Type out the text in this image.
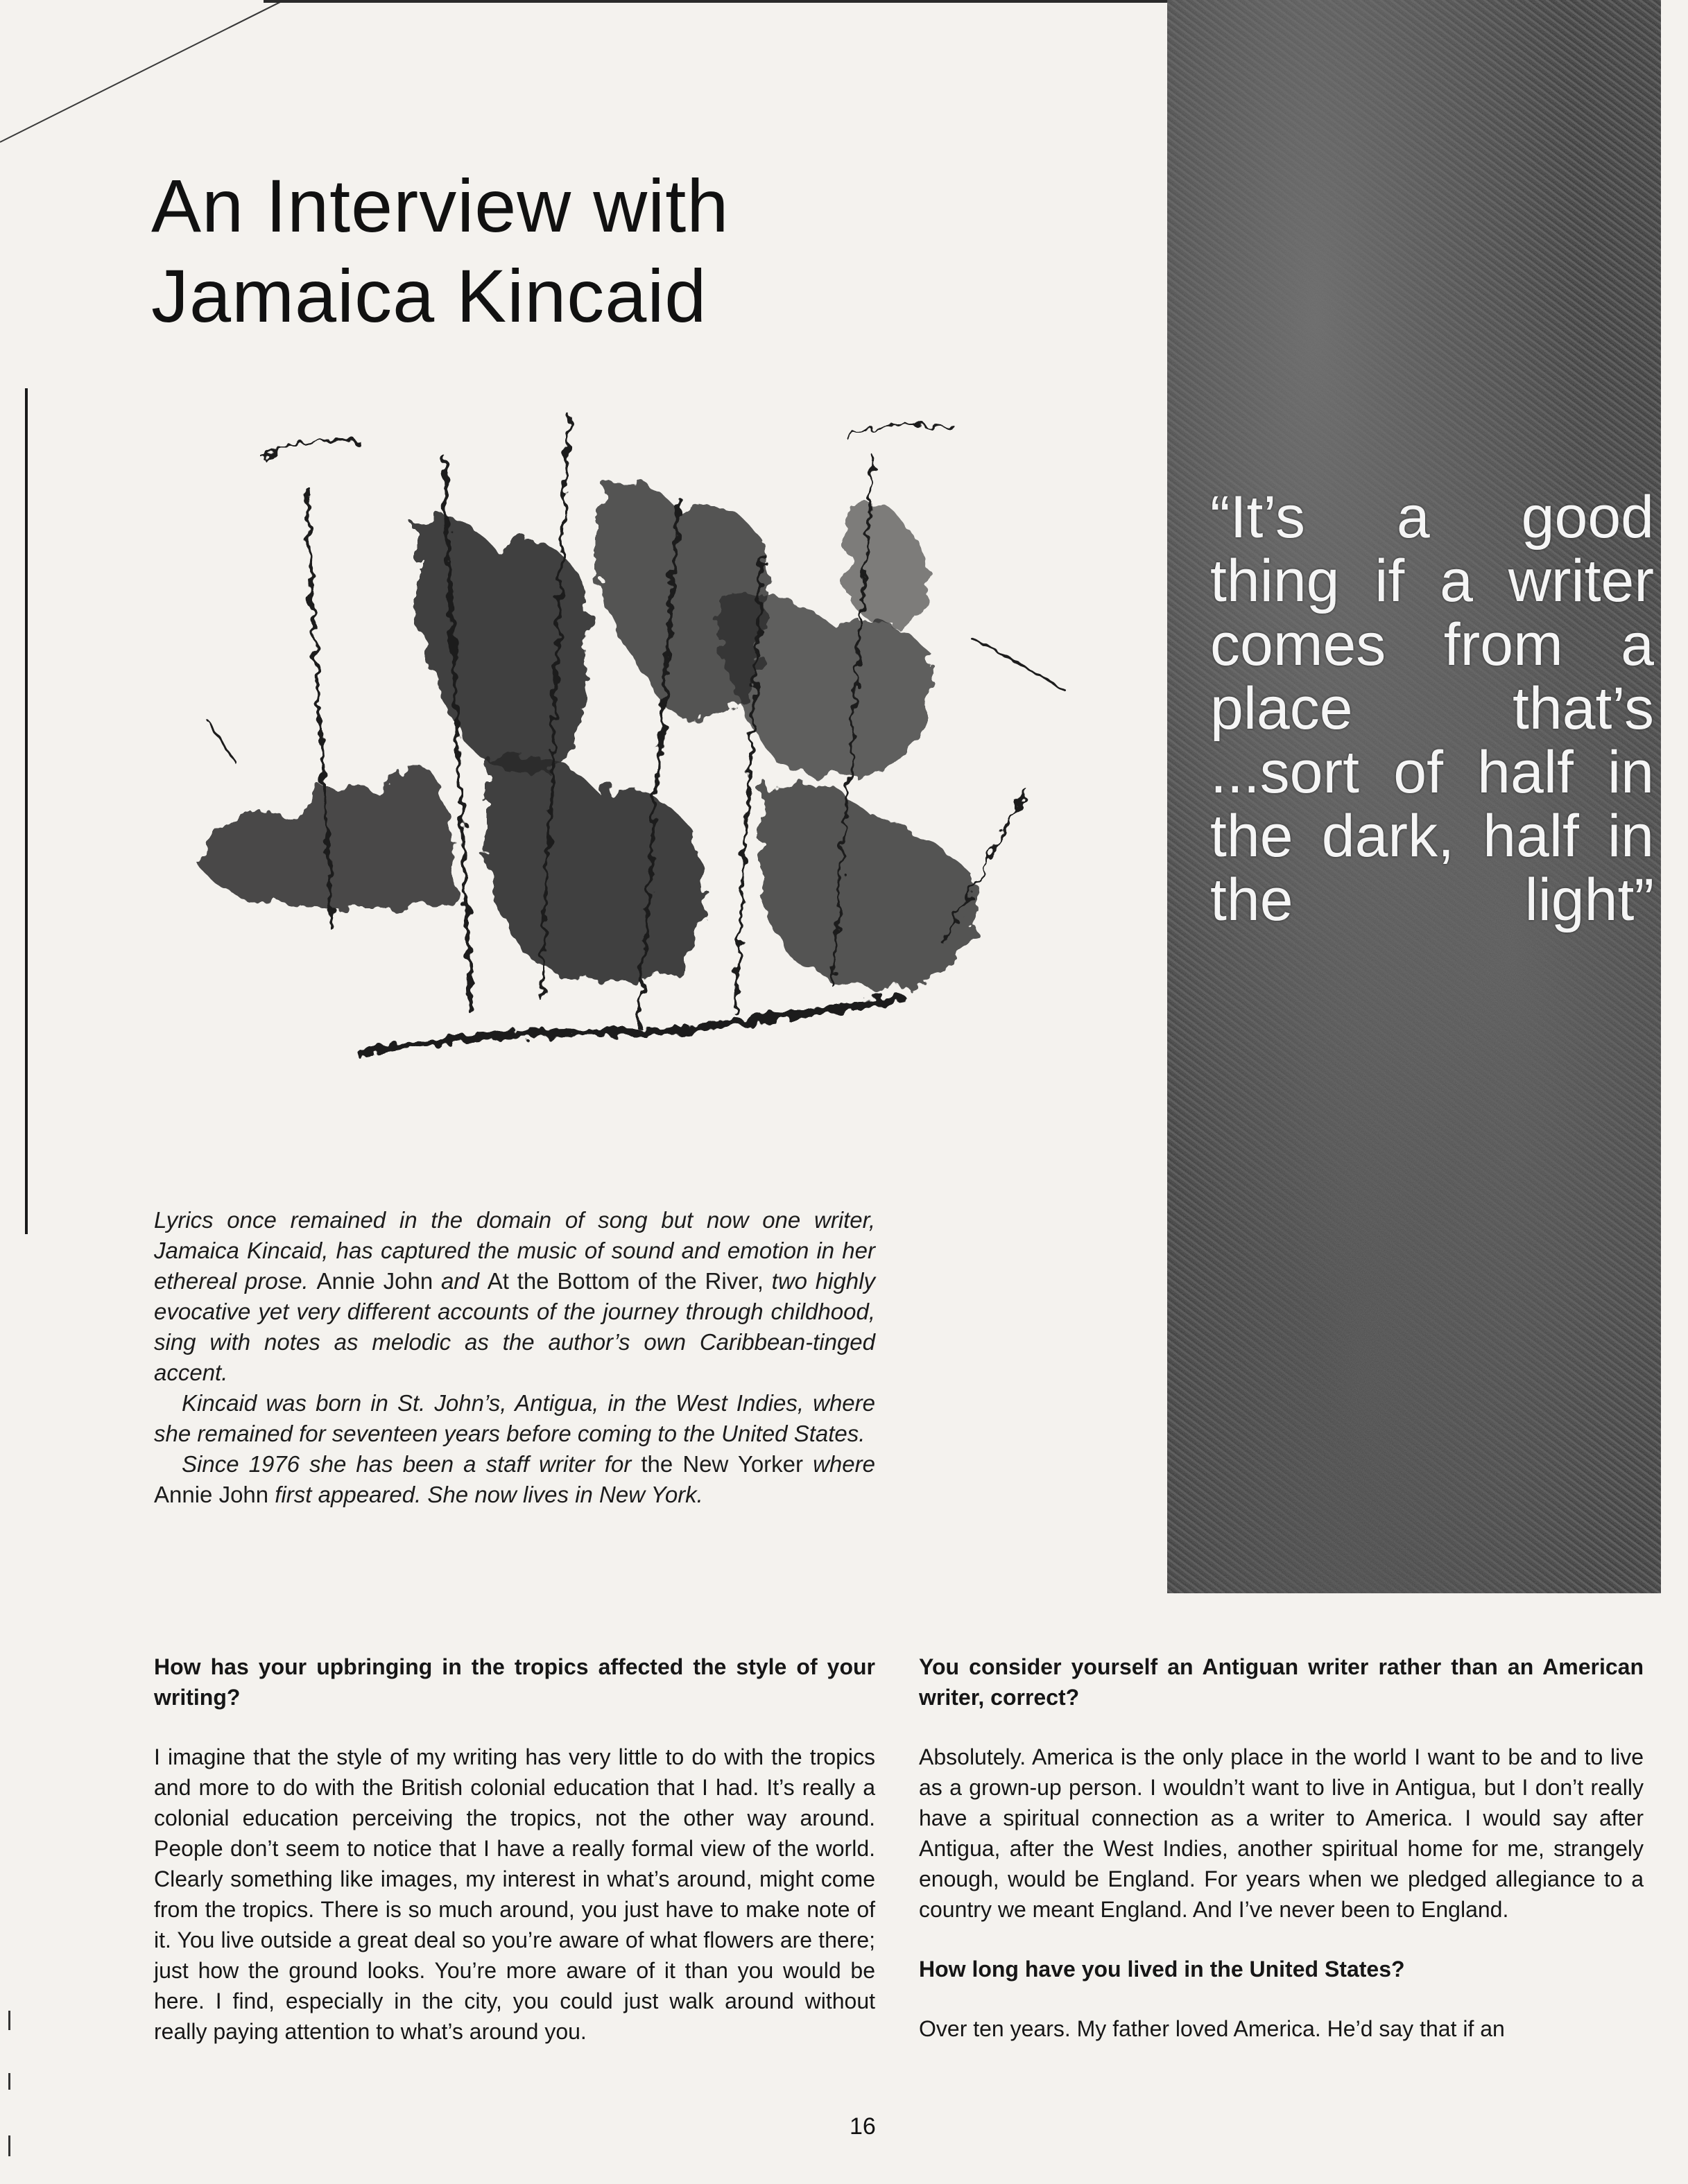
An Interview with
Jamaica Kincaid
“It’s a good
thing if a writer
comes from a
place that’s
...sort of half in
the dark, half in
the light”

Lyrics once remained in the domain of song but now one writer, Jamaica Kincaid, has captured the music of sound and emotion in her ethereal prose. Annie John and At the Bottom of the River, two highly evocative yet very different accounts of the journey through childhood, sing with notes as melodic as the author’s own Caribbean-tinged accent.

Kincaid was born in St. John’s, Antigua, in the West Indies, where she remained for seventeen years before coming to the United States.

Since 1976 she has been a staff writer for the New Yorker where Annie John first appeared. She now lives in New York.

How has your upbringing in the tropics affected the style of your writing?

I imagine that the style of my writing has very little to do with the tropics and more to do with the British colonial education that I had. It’s really a colonial education perceiving the tropics, not the other way around. People don’t seem to notice that I have a really formal view of the world. Clearly something like images, my interest in what’s around, might come from the tropics. There is so much around, you just have to make note of it. You live outside a great deal so you’re aware of what flowers are there; just how the ground looks. You’re more aware of it than you would be here. I find, especially in the city, you could just walk around without really paying attention to what’s around you.

You consider yourself an Antiguan writer rather than an American writer, correct?

Absolutely. America is the only place in the world I want to be and to live as a grown-up person. I wouldn’t want to live in Antigua, but I don’t really have a spiritual connection as a writer to America. I would say after Antigua, after the West Indies, another spiritual home for me, strangely enough, would be England. For years when we pledged allegiance to a country we meant England. And I’ve never been to England.

How long have you lived in the United States?

Over ten years. My father loved America. He’d say that if an

16
